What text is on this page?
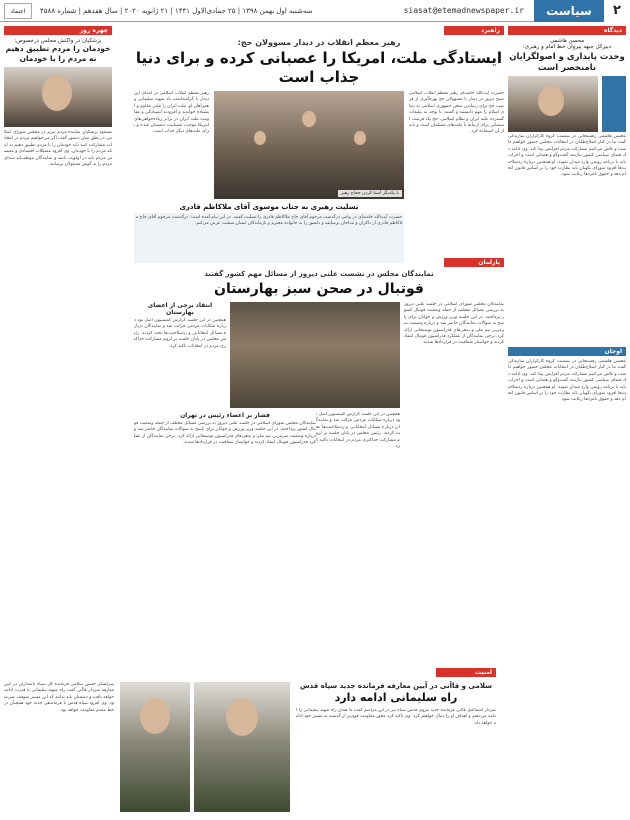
۲
سیاست
siasat@etemadnewspaper.ir
سه‌شنبه اول بهمن ۱۳۹۸ | ۲۵ جمادی‌الاول ۱۴۴۱ | ۲۱ ژانویه ۲۰۲۰ | سال هفدهم | شماره ۴۵۸۸
اعتماد
دیدگاه
محسن هاشمی
دبیرکل جبهه پیروان خط امام و رهبری:
وحدت پایداری و اصولگرایان نامنحصر است
محسن هاشمی رفسنجانی در نشست گروه کارگزاران سازندگی گفت ما در کنار اصلاح‌طلبان در انتخابات مجلس حضور خواهیم داشت و تلاش می‌کنیم مشارکت مردم افزایش پیدا کند. وی ادامه داد فضای سیاسی کشور نیازمند گفت‌وگو و همدلی است و احزاب باید با برنامه روشن وارد میدان شوند. او همچنین درباره ردصلاحیت‌ها افزود شورای نگهبان باید نظارت خود را بر اساس قانون انجام دهد و حقوق نامزدها رعایت شود.
اوجان
محسن هاشمی رفسنجانی در نشست گروه کارگزاران سازندگی گفت ما در کنار اصلاح‌طلبان در انتخابات مجلس حضور خواهیم داشت و تلاش می‌کنیم مشارکت مردم افزایش پیدا کند. وی ادامه داد فضای سیاسی کشور نیازمند گفت‌وگو و همدلی است و احزاب باید با برنامه روشن وارد میدان شوند. او همچنین درباره ردصلاحیت‌ها افزود شورای نگهبان باید نظارت خود را بر اساس قانون انجام دهد و حقوق نامزدها رعایت شود.
راهبرد
رهبر معظم انقلاب در دیدار مسوولان حج:
ایستادگی ملت، امریکا را عصبانی کرده و برای دنیا جذاب است
حضرت آیت‌الله خامنه‌ای رهبر معظم انقلاب اسلامی صبح دیروز در دیدار با مسوولان حج بهره‌گیری از فرصت حج برای رساندن سخن جمهوری اسلامی به دنیای اسلام را مهم دانستند و گفتند: با توجه به تبلیغات گسترده علیه ایران و نظام اسلامی، حج یک فرصت استثنایی برای ارتباط با ملت‌های مسلمان است و باید از آن استفاده کرد.
با یکدیگر آشنا کردن حجاج رهبر
رهبر معظم انقلاب اسلامی در ابتدای این دیدار با گرامیداشت یاد شهید سلیمانی و همراهان او، ملت ایران را ملتی مقاوم و ایستاده خواندند و افزودند ایستادگی و مقاومت ملت ایران در برابر زیاده‌خواهی‌های امریکا موجب عصبانیت دشمنان شده و برای ملت‌های دیگر جذاب است.
تسلیت رهبری به جناب موسوی آقای ملاکاظم قادری
حضرت آیت‌الله خامنه‌ای در پیامی درگذشت مرحوم آقای حاج ملاکاظم قادری را تسلیت گفتند. در این پیام آمده است: درگذشت مرحوم آقای حاج ملاکاظم قادری از ذاکران و مداحان پرسابقه و دلسوز را به خانواده محترم و بازماندگان ایشان تسلیت عرض می‌کنم.
چهره روز
بزشکیان در واکنش مجلس درخصوص:
خودمان را مردم تطبیق دهیم نه مردم را با خودمان
مسعود پزشکیان نماینده مردم تبریز در مجلس شورای اسلامی در نطق میان دستور گفت اگر می‌خواهیم مردم در انتخابات مشارکت کنند باید خودمان را با مردم تطبیق دهیم نه اینکه مردم را با خودمان. وی افزود مشکلات اقتصادی و معیشتی مردم باید در اولویت باشد و نمایندگان موظف‌اند صدای مردم را به گوش مسئولان برسانند.
پارلمان
نمایندگان مجلس در نشست علنی دیروز از مسائل مهم کشور گفتند
فوتبال در صحن سبز بهارستان
نمایندگان مجلس شورای اسلامی در جلسه علنی دیروز به بررسی مسائل مختلف از جمله وضعیت فوتبال کشور پرداختند. در این جلسه وزیر ورزش و جوانان برای پاسخ به سوالات نمایندگان حاضر شد و درباره وضعیت سرمربی تیم ملی و بدهی‌های فدراسیون توضیحاتی ارائه کرد. برخی نمایندگان از عملکرد فدراسیون فوتبال انتقاد کردند و خواستار شفافیت در قراردادها شدند.
انتقاد برخی از اعضای بهارستان
همچنین در این جلسه گزارش کمیسیون اصل نود درباره شکایات مردمی قرائت شد و نمایندگان درباره مسائل انتخاباتی و ردصلاحیت‌ها بحث کردند. رئیس مجلس در پایان جلسه بر لزوم مشارکت حداکثری مردم در انتخابات تاکید کرد.
همچنین در این جلسه گزارش کمیسیون اصل نود درباره شکایات مردمی قرائت شد و نمایندگان درباره مسائل انتخاباتی و ردصلاحیت‌ها بحث کردند. رئیس مجلس در پایان جلسه بر لزوم مشارکت حداکثری مردم در انتخابات تاکید کرد.
فشار بر اعضاء رئیس در تهران
نمایندگان مجلس شورای اسلامی در جلسه علنی دیروز به بررسی مسائل مختلف از جمله وضعیت فوتبال کشور پرداختند. در این جلسه وزیر ورزش و جوانان برای پاسخ به سوالات نمایندگان حاضر شد و درباره وضعیت سرمربی تیم ملی و بدهی‌های فدراسیون توضیحاتی ارائه کرد. برخی نمایندگان از عملکرد فدراسیون فوتبال انتقاد کردند و خواستار شفافیت در قراردادها شدند.
امنیت
سلامی و قاآنی در آیین معارفه فرمانده جدید سپاه قدس
راه سلیمانی ادامه دارد
سردار اسماعیل قاآنی فرمانده جدید نیروی قدس سپاه نیز در این مراسم گفت ما همان راه شهید سلیمانی را ادامه می‌دهیم و اهداف او را دنبال خواهیم کرد. وی تاکید کرد محور مقاومت قوی‌تر از گذشته به مسیر خود ادامه خواهد داد.
سرلشکر حسین سلامی فرمانده کل سپاه پاسداران در آیین معارفه سردار قاآنی گفت راه شهید سلیمانی با قدرت ادامه خواهد یافت و دشمنان باید بدانند که این مسیر متوقف نمی‌شود. وی افزود سپاه قدس با فرماندهی جدید خود همچنان در خط مقدم مقاومت خواهد بود.
